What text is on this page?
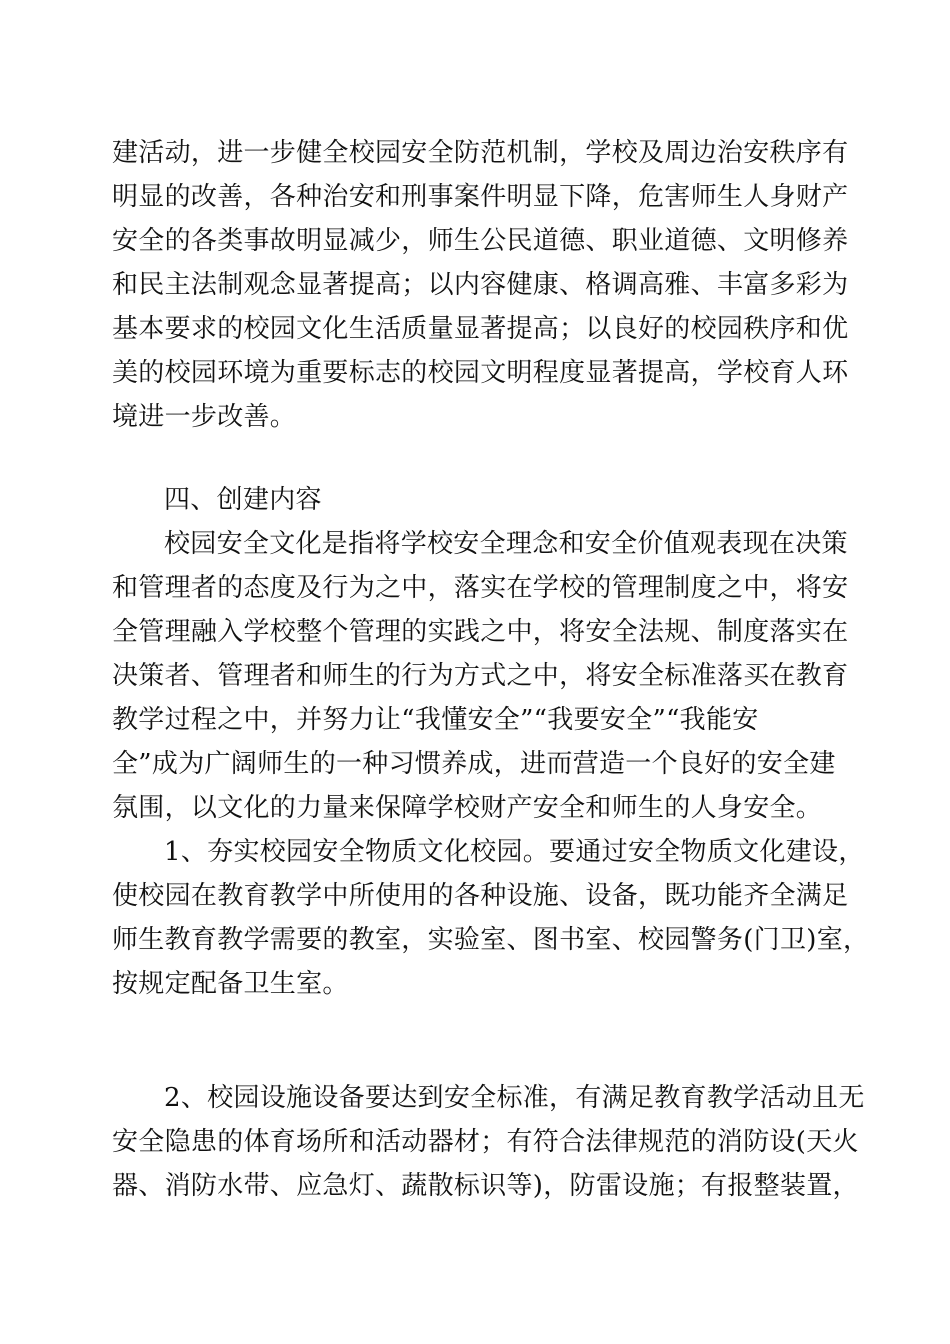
建活动，进一步健全校园安全防范机制，学校及周边治安秩序有
明显的改善，各种治安和刑事案件明显下降，危害师生人身财产
安全的各类事故明显减少，师生公民道德、职业道德、文明修养
和民主法制观念显著提高；以内容健康、格调高雅、丰富多彩为
基本要求的校园文化生活质量显著提高；以良好的校园秩序和优
美的校园环境为重要标志的校园文明程度显著提高，学校育人环
境进一步改善。
四、创建内容
校园安全文化是指将学校安全理念和安全价值观表现在决策
和管理者的态度及行为之中，落实在学校的管理制度之中，将安
全管理融入学校整个管理的实践之中，将安全法规、制度落实在
决策者、管理者和师生的行为方式之中，将安全标准落买在教育
教学过程之中，并努力让“我懂安全”“我要安全”“我能安
全”成为广阔师生的一种习惯养成，进而营造一个良好的安全建
氛围，以文化的力量来保障学校财产安全和师生的人身安全。
1、夯实校园安全物质文化校园。要通过安全物质文化建设，
使校园在教育教学中所使用的各种设施、设备，既功能齐全满足
师生教育教学需要的教室，实验室、图书室、校园警务(门卫)室，
按规定配备卫生室。
2、校园设施设备要达到安全标准，有满足教育教学活动且无
安全隐患的体育场所和活动器材；有符合法律规范的消防设(天火
器、消防水带、应急灯、蔬散标识等)，防雷设施；有报整装置，
